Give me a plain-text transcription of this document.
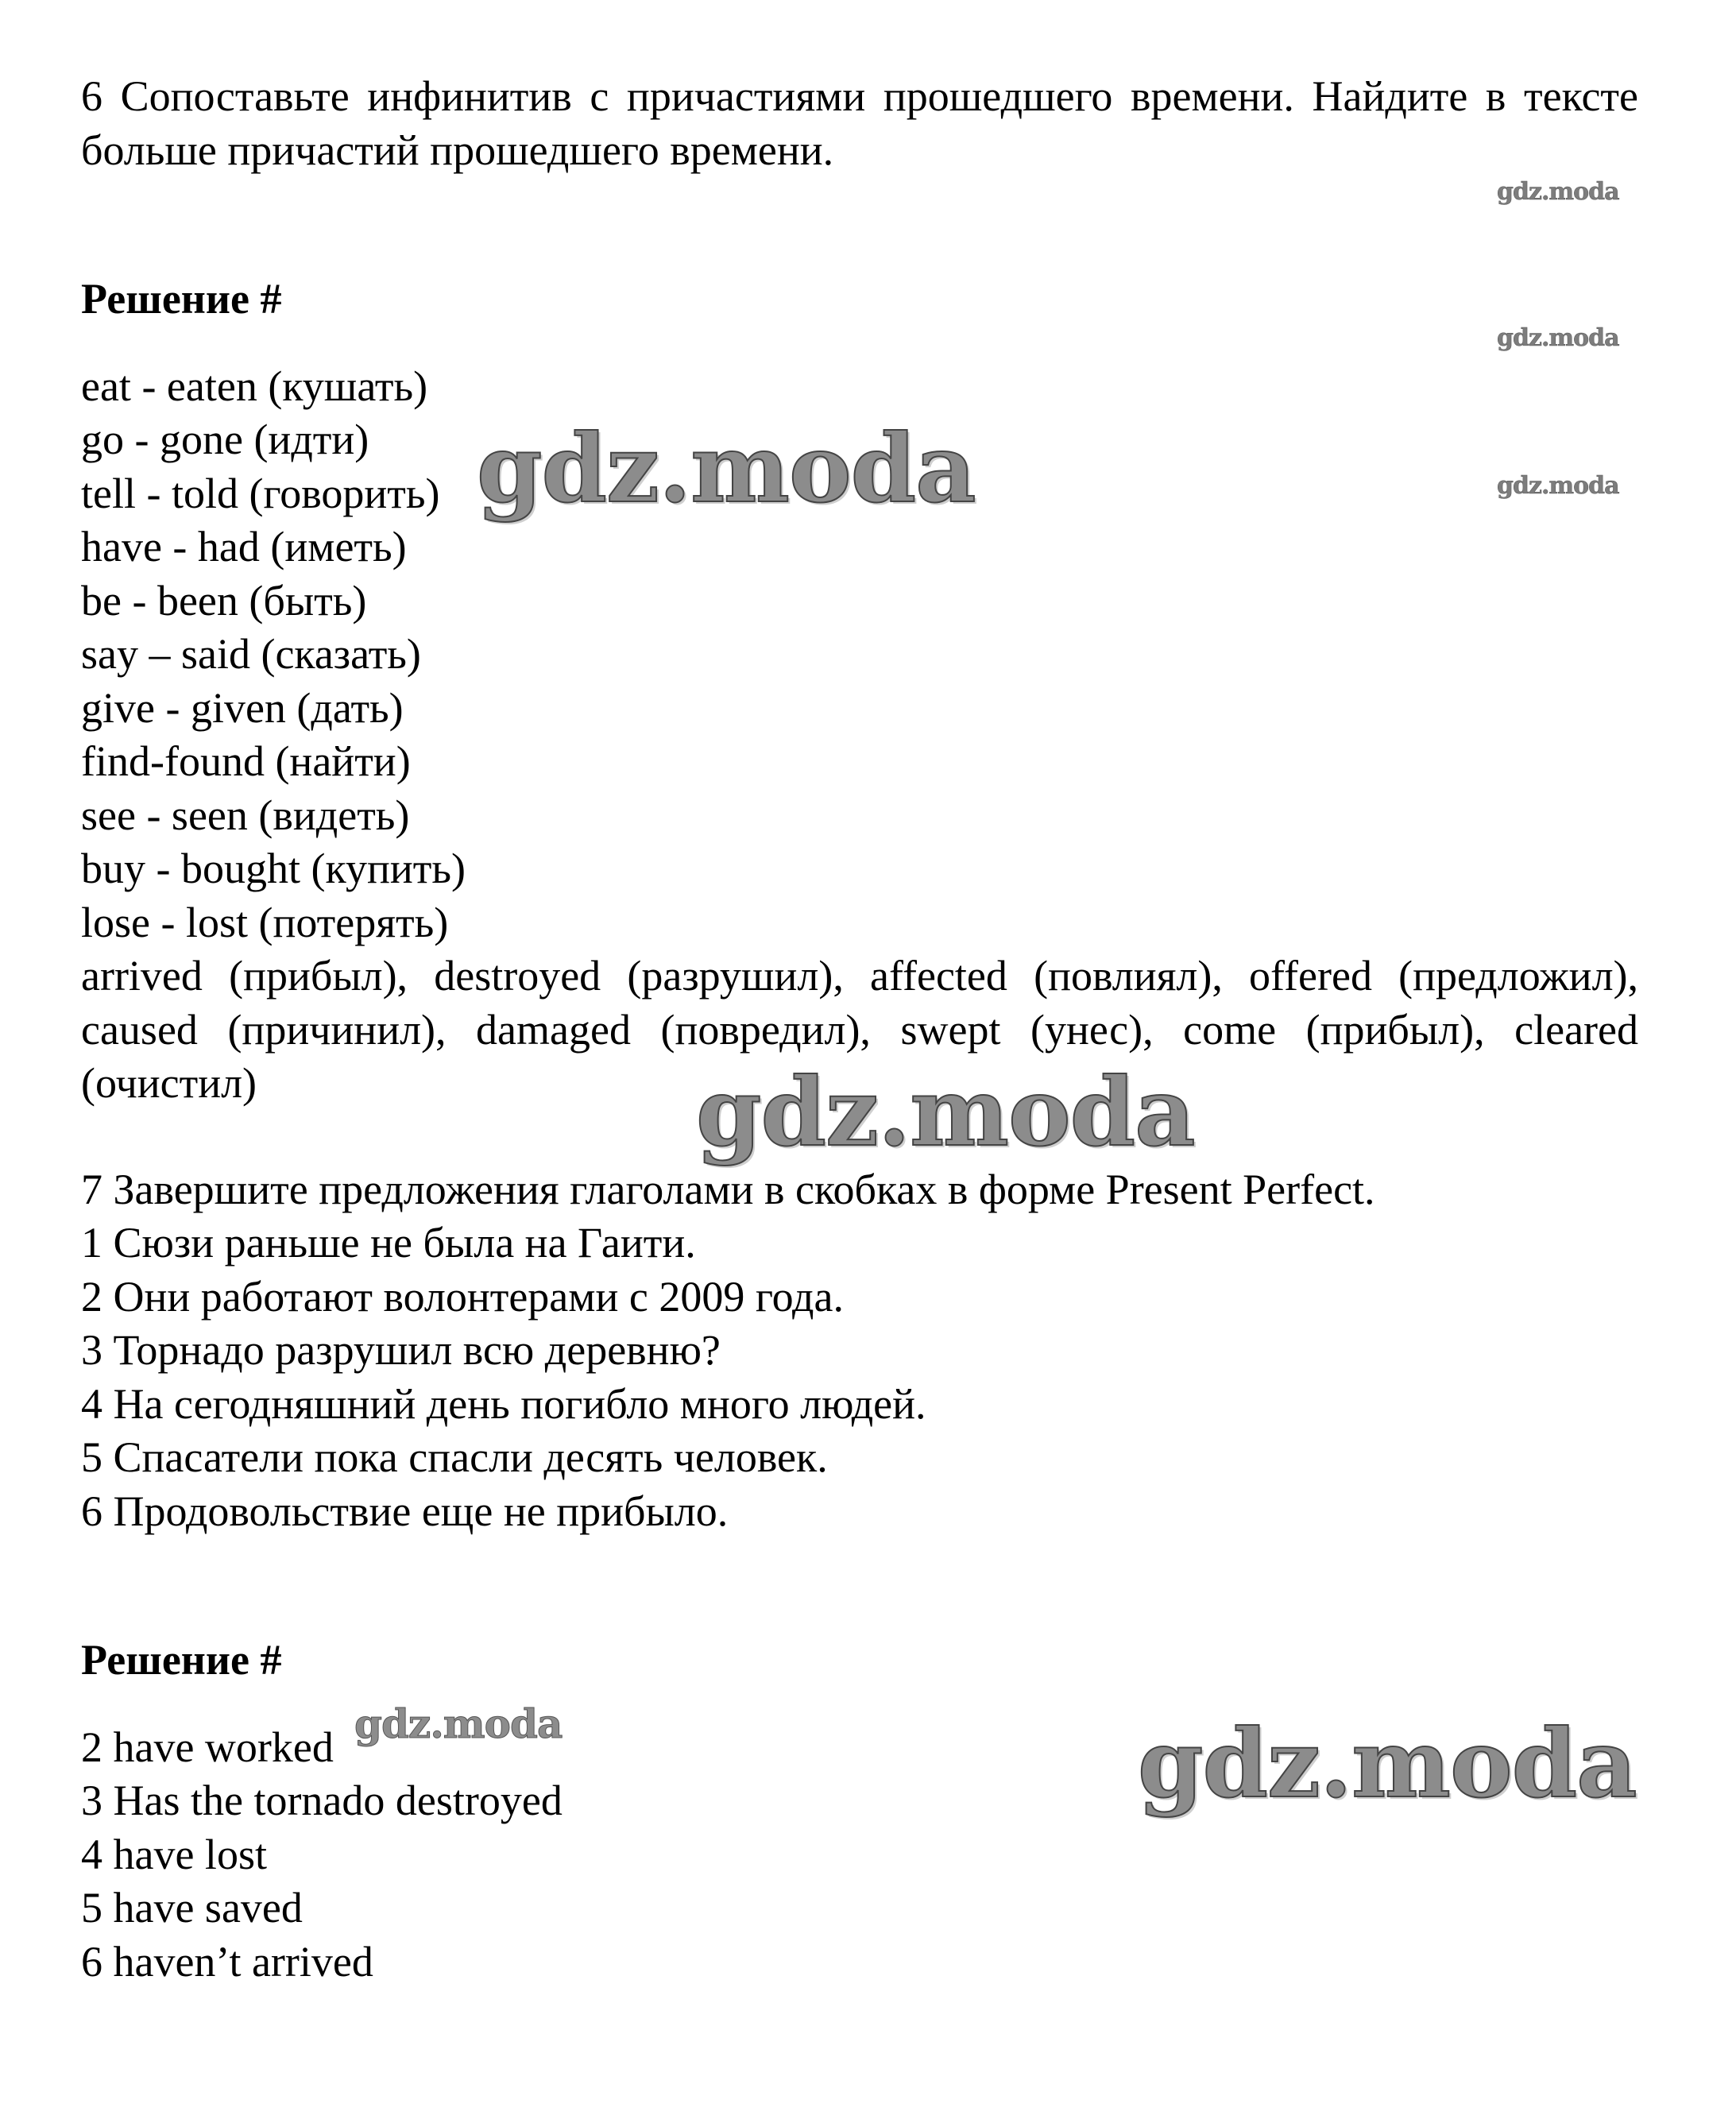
6 Сопоставьте инфинитив с причастиями прошедшего времени. Найдите в тексте больше причастий прошедшего времени.

Решение #

eat - eaten (кушать)
go - gone (идти)
tell - told (говорить)
have - had (иметь)
be - been (быть)
say – said (сказать)
give - given (дать)
find-found (найти)
see - seen (видеть)
buy - bought (купить)
lose - lost (потерять)

arrived (прибыл), destroyed (разрушил), affected (повлиял), offered (предложил), caused (причинил), damaged (повредил), swept (унес), come (прибыл), cleared (очистил)

7 Завершите предложения глаголами в скобках в форме Present Perfect.

1 Сюзи раньше не была на Гаити.
2 Они работают волонтерами с 2009 года.
3 Торнадо разрушил всю деревню?
4 На сегодняшний день погибло много людей.
5 Спасатели пока спасли десять человек.
6 Продовольствие еще не прибыло.

Решение #

2 have worked
3 Has the tornado destroyed
4 have lost
5 have saved
6 haven’t arrived
gdz.moda
gdz.moda
gdz.moda
gdz.moda
gdz.moda
gdz.moda	gdz.moda
